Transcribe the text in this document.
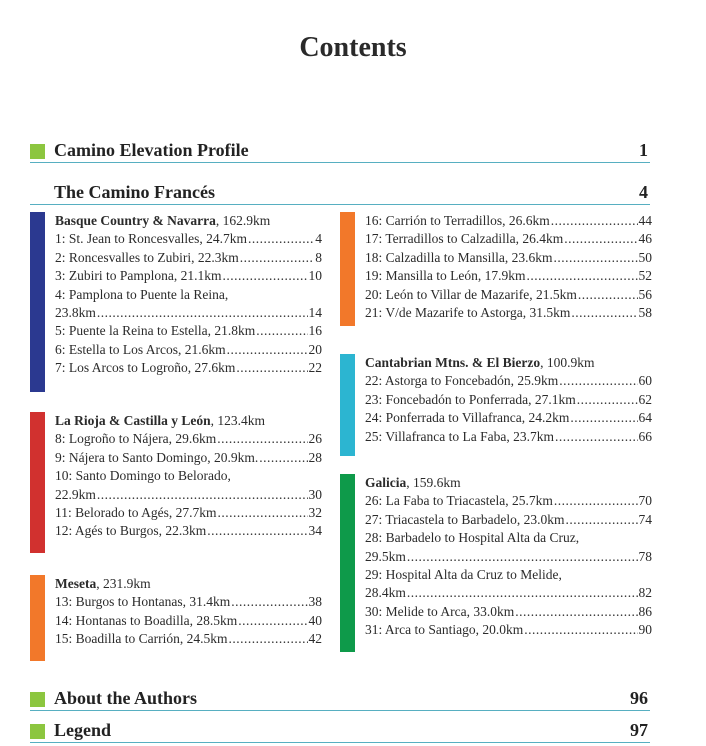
Contents
Camino Elevation Profile	1
The Camino Francés	4
Basque Country & Navarra, 162.9km
1: St. Jean to Roncesvalles, 24.7km .....	4
2: Roncesvalles to Zubiri, 22.3km .....	8
3: Zubiri to Pamplona, 21.1km .....	10
4: Pamplona to Puente la Reina,
23.8km .....	14
5: Puente la Reina to Estella, 21.8km .....	16
6: Estella to Los Arcos, 21.6km .....	20
7: Los Arcos to Logroño, 27.6km .....	22
La Rioja & Castilla y León, 123.4km
8: Logroño to Nájera, 29.6km .....	26
9: Nájera to Santo Domingo, 20.9km. .....	28
10: Santo Domingo to Belorado,
22.9km .....	30
11: Belorado to Agés, 27.7km .....	32
12: Agés to Burgos, 22.3km .....	34
Meseta, 231.9km
13: Burgos to Hontanas, 31.4km .....	38
14: Hontanas to Boadilla, 28.5km .....	40
15: Boadilla to Carrión, 24.5km .....	42
16: Carrión to Terradillos, 26.6km .....	44
17: Terradillos to Calzadilla, 26.4km .....	46
18: Calzadilla to Mansilla, 23.6km .....	50
19: Mansilla to León, 17.9km .....	52
20: León to Villar de Mazarife, 21.5km .....	56
21: V/de Mazarife to Astorga, 31.5km .....	58
Cantabrian Mtns. & El Bierzo, 100.9km
22: Astorga to Foncebadón, 25.9km .....	60
23: Foncebadón to Ponferrada, 27.1km .....	62
24: Ponferrada to Villafranca, 24.2km .....	64
25: Villafranca to La Faba, 23.7km .....	66
Galicia, 159.6km
26: La Faba to Triacastela, 25.7km .....	70
27: Triacastela to Barbadelo, 23.0km .....	74
28: Barbadelo to Hospital Alta da Cruz,
29.5km .....	78
29: Hospital Alta da Cruz to Melide,
28.4km .....	82
30: Melide to Arca, 33.0km .....	86
31: Arca to Santiago, 20.0km .....	90
About the Authors	96
Legend	97
